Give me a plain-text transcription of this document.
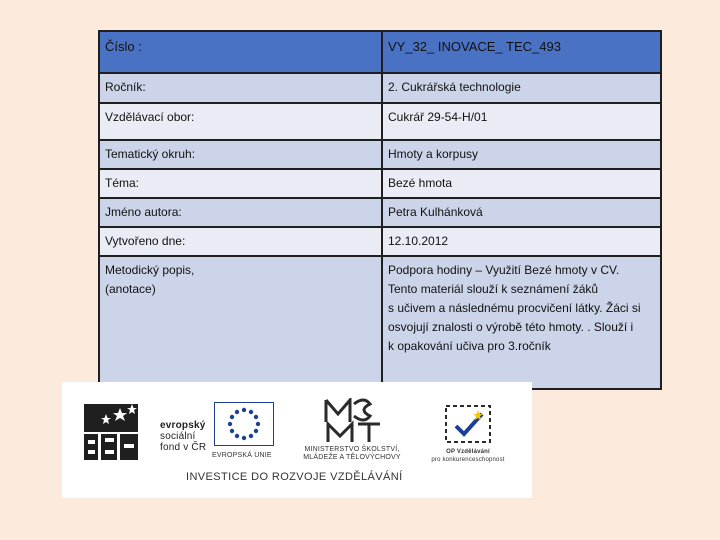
Číslo :	VY_32_ INOVACE_ TEC_493
Ročník:	2. Cukrářská technologie
Vzdělávací obor:	Cukrář 29-54-H/01
Tematický okruh:	Hmoty a korpusy
Téma:	Bezé hmota
Jméno autora:	Petra Kulhánková
Vytvořeno dne:	12.10.2012

Metodický popis,
(anotace)	Podpora hodiny – Využití Bezé hmoty v CV.
Tento materiál slouží k seznámení žáků
s učivem a následnému procvičení látky. Žáci si
osvojují znalosti o výrobě této hmoty. . Slouží i
k opakování učiva pro 3.ročník
evropský
sociální
fond v ČR
EVROPSKÁ UNIE
MINISTERSTVO ŠKOLSTVÍ,
MLÁDEŽE A TĚLOVÝCHOVY
OP Vzdělávání
pro konkurenceschopnost
INVESTICE DO ROZVOJE VZDĚLÁVÁNÍ
